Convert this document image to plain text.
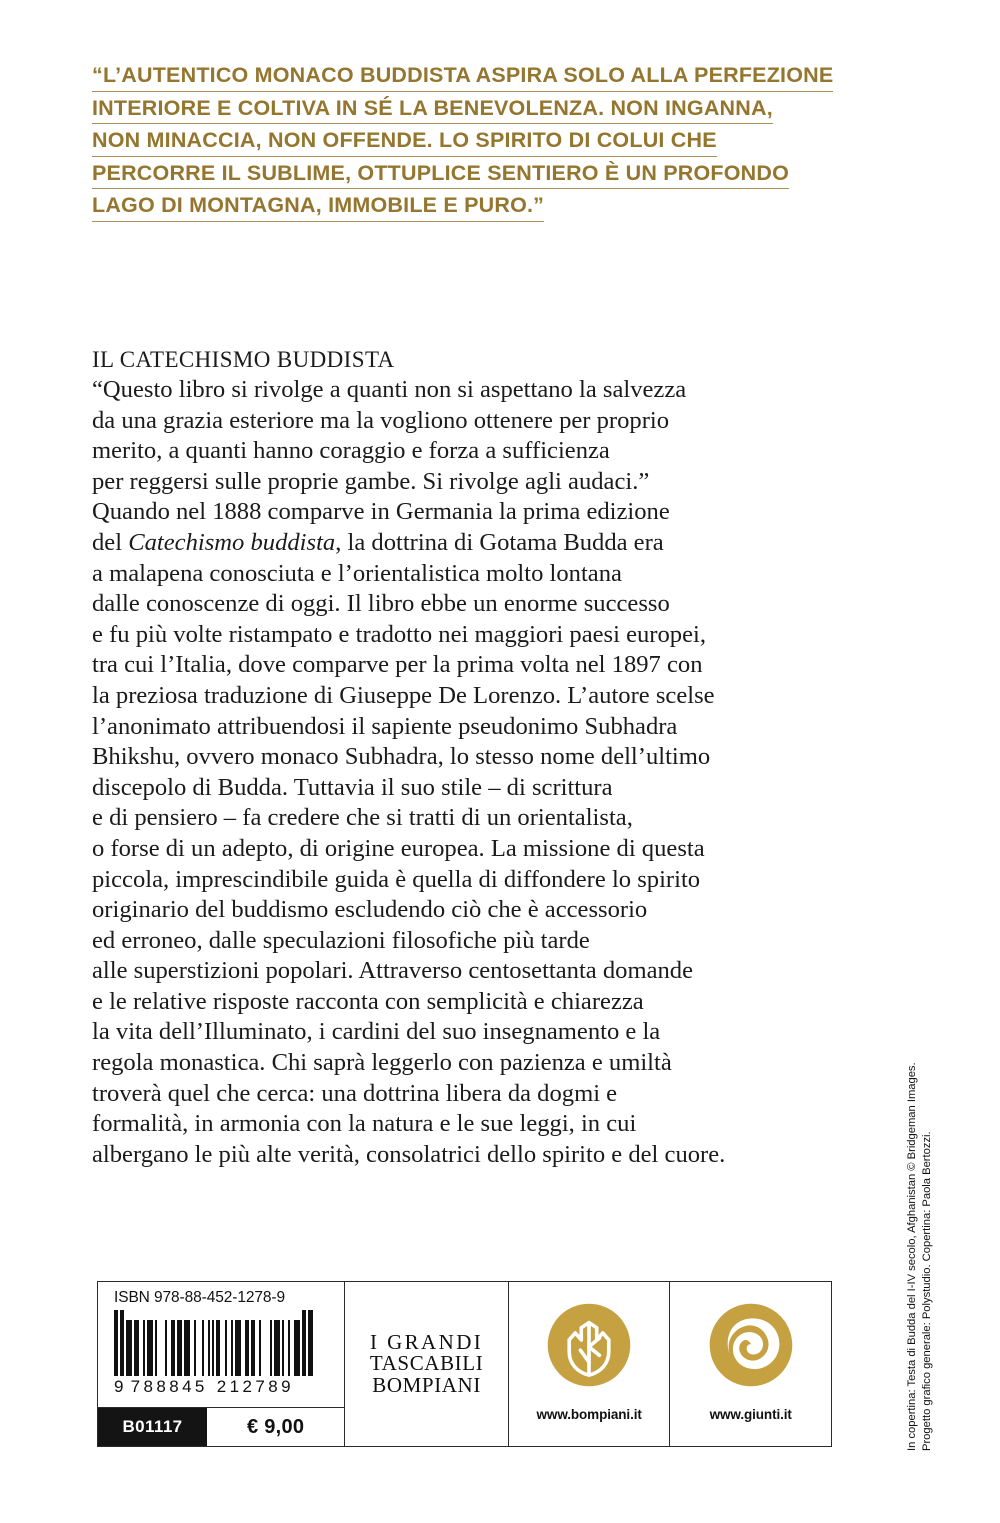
“L’AUTENTICO MONACO BUDDISTA ASPIRA SOLO ALLA PERFEZIONE
INTERIORE E COLTIVA IN SÉ LA BENEVOLENZA. NON INGANNA,
NON MINACCIA, NON OFFENDE. LO SPIRITO DI COLUI CHE
PERCORRE IL SUBLIME, OTTUPLICE SENTIERO È UN PROFONDO
LAGO DI MONTAGNA, IMMOBILE E PURO.”
IL CATECHISMO BUDDISTA
“Questo libro si rivolge a quanti non si aspettano la salvezza
da una grazia esteriore ma la vogliono ottenere per proprio
merito, a quanti hanno coraggio e forza a sufficienza
per reggersi sulle proprie gambe. Si rivolge agli audaci.”
Quando nel 1888 comparve in Germania la prima edizione
del Catechismo buddista, la dottrina di Gotama Budda era
a malapena conosciuta e l’orientalistica molto lontana
dalle conoscenze di oggi. Il libro ebbe un enorme successo
e fu più volte ristampato e tradotto nei maggiori paesi europei,
tra cui l’Italia, dove comparve per la prima volta nel 1897 con
la preziosa traduzione di Giuseppe De Lorenzo. L’autore scelse
l’anonimato attribuendosi il sapiente pseudonimo Subhadra
Bhikshu, ovvero monaco Subhadra, lo stesso nome dell’ultimo
discepolo di Budda. Tuttavia il suo stile – di scrittura
e di pensiero – fa credere che si tratti di un orientalista,
o forse di un adepto, di origine europea. La missione di questa
piccola, imprescindibile guida è quella di diffondere lo spirito
originario del buddismo escludendo ciò che è accessorio
ed erroneo, dalle speculazioni filosofiche più tarde
alle superstizioni popolari. Attraverso centosettanta domande
e le relative risposte racconta con semplicità e chiarezza
la vita dell’Illuminato, i cardini del suo insegnamento e la
regola monastica. Chi saprà leggerlo con pazienza e umiltà
troverà quel che cerca: una dottrina libera da dogmi e
formalità, in armonia con la natura e le sue leggi, in cui
albergano le più alte verità, consolatrici dello spirito e del cuore.
ISBN 978-88-452-1278-9
9 788845 212789
B01117	€ 9,00
I GRANDI
TASCABILI
BOMPIANI
www.bompiani.it	www.giunti.it	In copertina: Testa di Budda del I-IV secolo, Afghanistan © Bridgeman Images. Progetto grafico generale: Polystudio. Copertina: Paola Bertozzi.
